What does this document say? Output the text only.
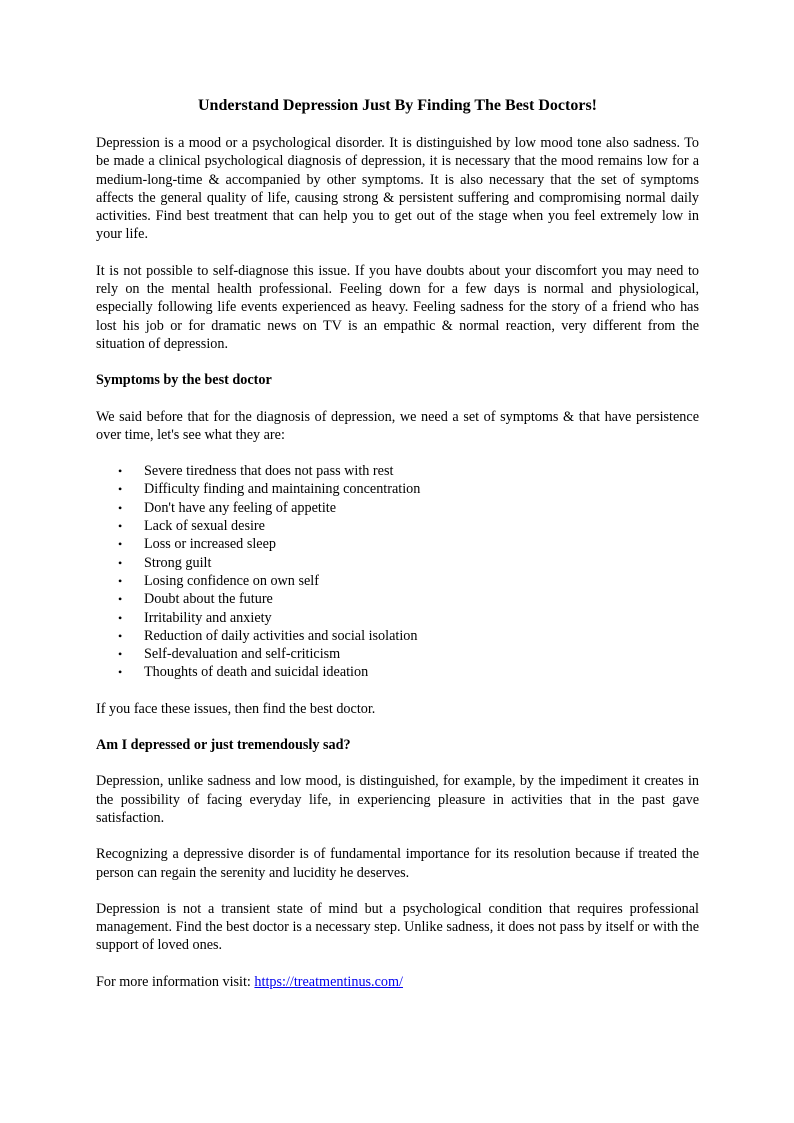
Understand Depression Just By Finding The Best Doctors!

Depression is a mood or a psychological disorder. It is distinguished by low mood tone also sadness. To be made a clinical psychological diagnosis of depression, it is necessary that the mood remains low for a medium-long-time & accompanied by other symptoms. It is also necessary that the set of symptoms affects the general quality of life, causing strong & persistent suffering and compromising normal daily activities. Find best treatment that can help you to get out of the stage when you feel extremely low in your life.

It is not possible to self-diagnose this issue. If you have doubts about your discomfort you may need to rely on the mental health professional. Feeling down for a few days is normal and physiological, especially following life events experienced as heavy. Feeling sadness for the story of a friend who has lost his job or for dramatic news on TV is an empathic & normal reaction, very different from the situation of depression.

Symptoms by the best doctor

We said before that for the diagnosis of depression, we need a set of symptoms & that have persistence over time, let's see what they are:

• Severe tiredness that does not pass with rest
• Difficulty finding and maintaining concentration
• Don't have any feeling of appetite
• Lack of sexual desire
• Loss or increased sleep
• Strong guilt
• Losing confidence on own self
• Doubt about the future
• Irritability and anxiety
• Reduction of daily activities and social isolation
• Self-devaluation and self-criticism
• Thoughts of death and suicidal ideation

If you face these issues, then find the best doctor.

Am I depressed or just tremendously sad?

Depression, unlike sadness and low mood, is distinguished, for example, by the impediment it creates in the possibility of facing everyday life, in experiencing pleasure in activities that in the past gave satisfaction.

Recognizing a depressive disorder is of fundamental importance for its resolution because if treated the person can regain the serenity and lucidity he deserves.

Depression is not a transient state of mind but a psychological condition that requires professional management. Find the best doctor is a necessary step. Unlike sadness, it does not pass by itself or with the support of loved ones.

For more information visit: https://treatmentinus.com/
